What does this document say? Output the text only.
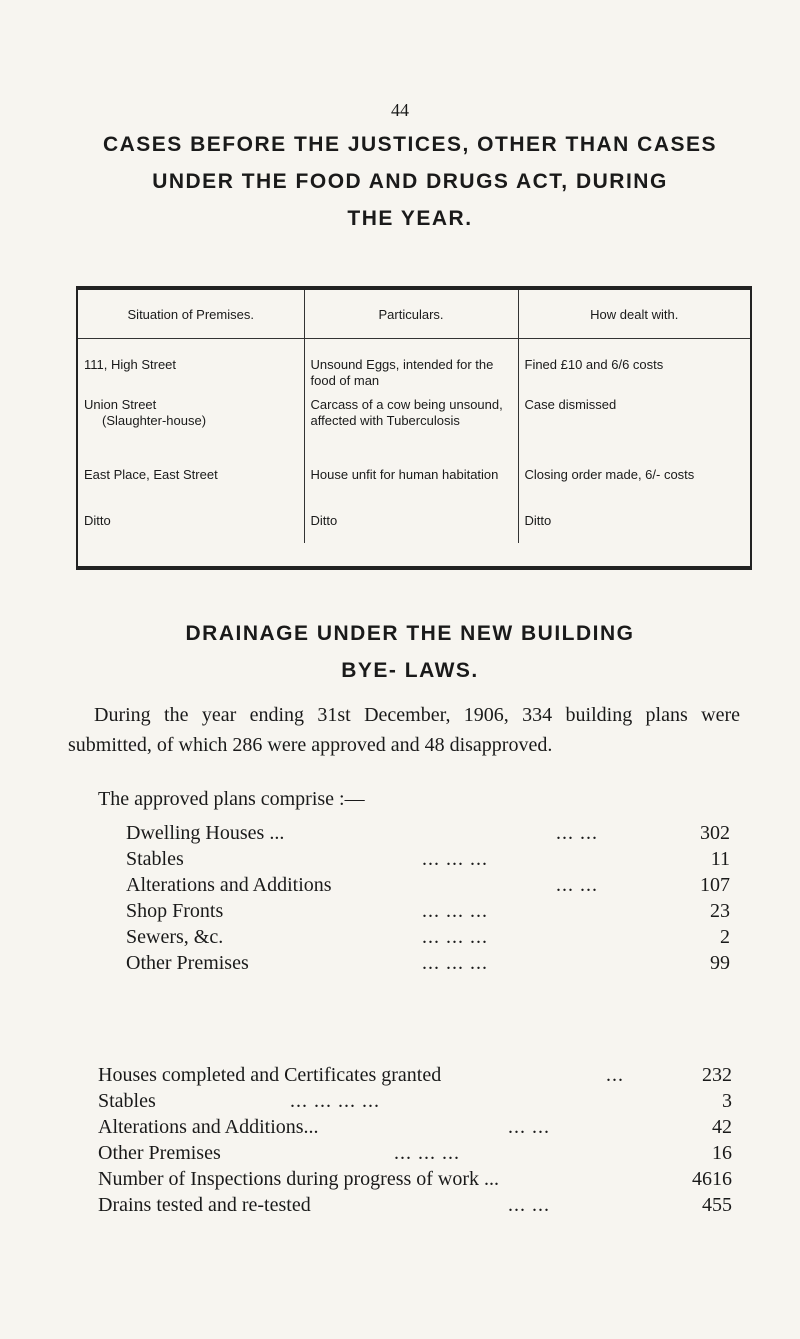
44
CASES BEFORE THE JUSTICES, OTHER THAN CASES
UNDER THE FOOD AND DRUGS ACT, DURING
THE YEAR.
Situation of Premises.	Particulars.	How dealt with.
111, High Street	Unsound Eggs, intended for the food of man	Fined £10 and 6/6 costs
Union Street
(Slaughter-house)	Carcass of a cow being unsound, affected with Tuberculosis	Case dismissed
East Place, East Street	House unfit for human habitation	Closing order made, 6/- costs
Ditto	Ditto	Ditto
DRAINAGE UNDER THE NEW BUILDING
BYE- LAWS.
During the year ending 31st December, 1906, 334 building plans were submitted, of which 286 were approved and 48 disapproved.
The approved plans comprise :—
Dwelling Houses ...	... ...	302
Stables	... ... ...	11
Alterations and Additions	... ...	107
Shop Fronts	... ... ...	23
Sewers, &c.	... ... ...	2
Other Premises	... ... ...	99
Houses completed and Certificates granted	...	232
Stables	... ... ... ...	3
Alterations and Additions...	... ...	42
Other Premises	... ... ...	16
Number of Inspections during progress of work ...	4616
Drains tested and re-tested	... ...	455
